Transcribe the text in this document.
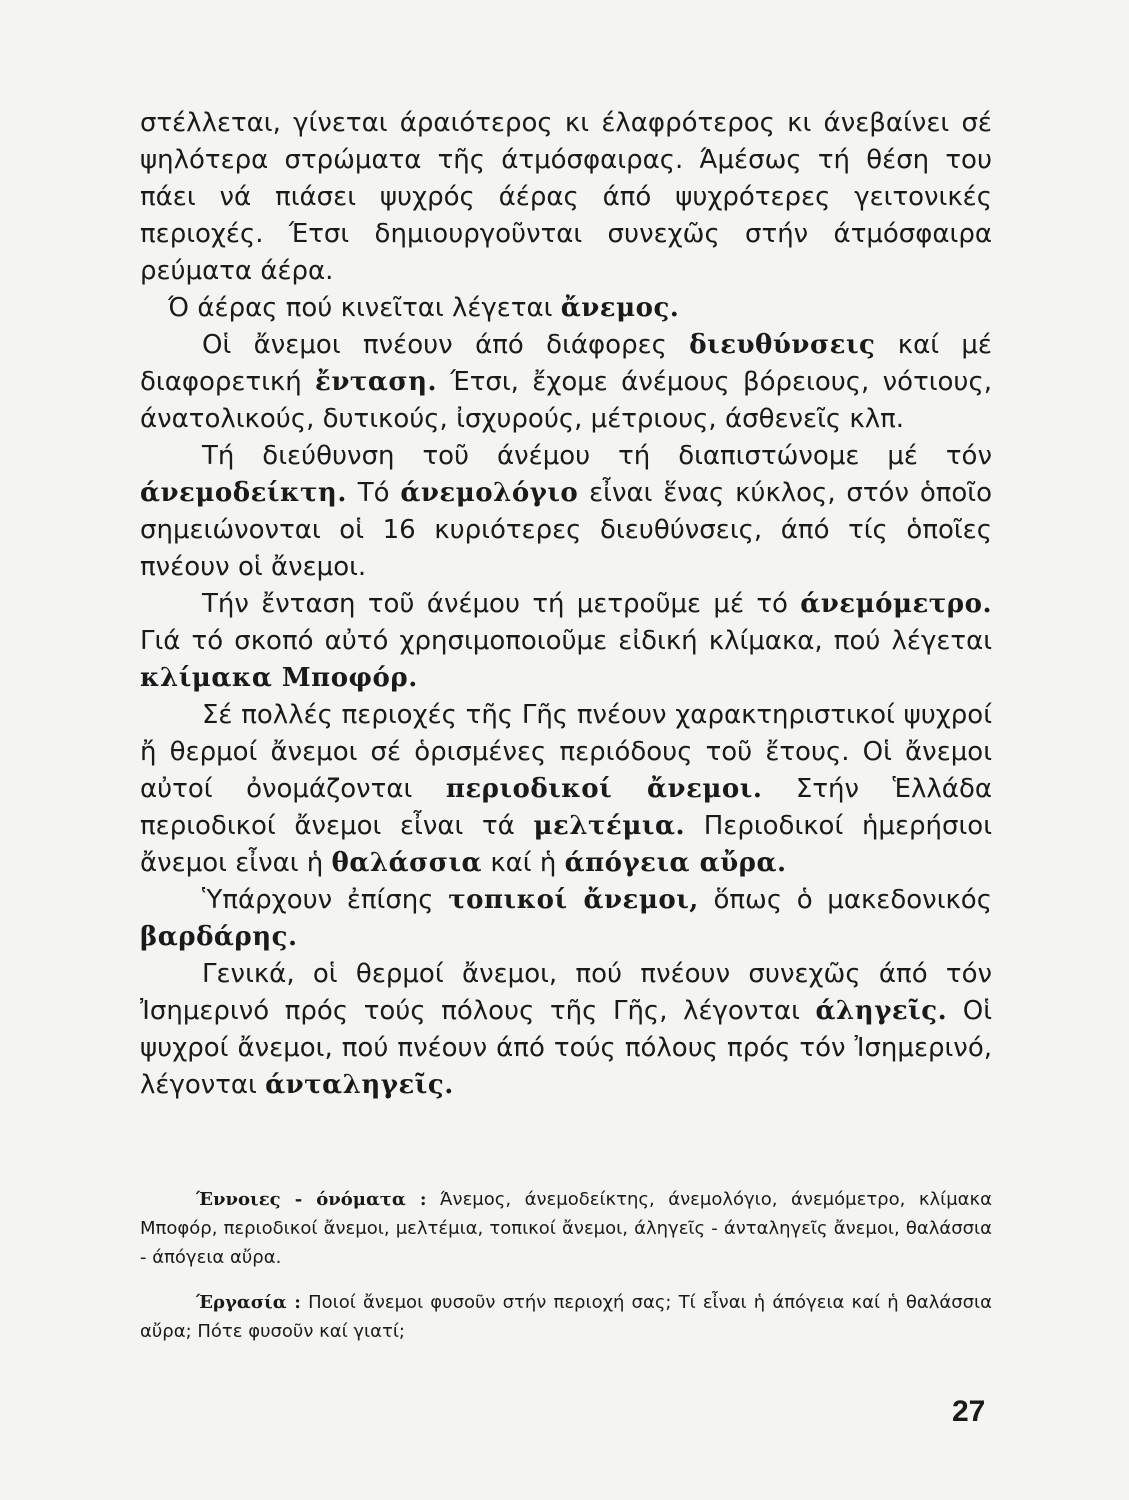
στέλλεται, γίνεται άραιότερος κι έλαφρότερος κι άνεβαίνει σέ ψηλότερα στρώματα τῆς άτμόσφαιρας. Άμέσως τή θέση του πάει νά πιάσει ψυχρός άέρας άπό ψυχρότερες γειτονικές περιοχές. Έτσι δημιουργοῦνται συνεχῶς στήν άτμόσφαιρα ρεύματα άέρα.

Ό άέρας πού κινεῖται λέγεται ἄνεμος.

Οἱ ἄνεμοι πνέουν άπό διάφορες διευθύνσεις καί μέ διαφορετική ἔνταση. Έτσι, ἔχομε άνέμους βόρειους, νότιους, άνατολικούς, δυτικούς, ἰσχυρούς, μέτριους, άσθενεῖς κλπ.

Τή διεύθυνση τοῦ άνέμου τή διαπιστώνομε μέ τόν άνεμοδείκτη. Τό άνεμολόγιο εἶναι ἕνας κύκλος, στόν ὁποῖο σημειώνονται οἱ 16 κυριότερες διευθύνσεις, άπό τίς ὁποῖες πνέουν οἱ ἄνεμοι.

Τήν ἔνταση τοῦ άνέμου τή μετροῦμε μέ τό άνεμόμετρο. Γιά τό σκοπό αὐτό χρησιμοποιοῦμε εἰδική κλίμακα, πού λέγεται κλίμακα Μποφόρ.

Σέ πολλές περιοχές τῆς Γῆς πνέουν χαρακτηριστικοί ψυχροί ἤ θερμοί ἄνεμοι σέ ὁρισμένες περιόδους τοῦ ἔτους. Οἱ ἄνεμοι αὐτοί ὀνομάζονται περιοδικοί ἄνεμοι. Στήν Ἑλλάδα περιοδικοί ἄνεμοι εἶναι τά μελτέμια. Περιοδικοί ἡμερήσιοι ἄνεμοι εἶναι ἡ θαλάσσια καί ἡ άπόγεια αὔρα.

Ὑπάρχουν ἐπίσης τοπικοί ἄνεμοι, ὅπως ὁ μακεδονικός βαρδάρης.

Γενικά, οἱ θερμοί ἄνεμοι, πού πνέουν συνεχῶς άπό τόν Ἰσημερινό πρός τούς πόλους τῆς Γῆς, λέγονται άληγεῖς. Οἱ ψυχροί ἄνεμοι, πού πνέουν άπό τούς πόλους πρός τόν Ἰσημερινό, λέγονται άνταληγεῖς.

Έννοιες - όνόματα : Άνεμος, άνεμοδείκτης, άνεμολόγιο, άνεμόμετρο, κλίμακα Μποφόρ, περιοδικοί ἄνεμοι, μελτέμια, τοπικοί ἄνεμοι, άληγεῖς - άνταληγεῖς ἄνεμοι, θαλάσσια - άπόγεια αὔρα.

Έργασία : Ποιοί ἄνεμοι φυσοῦν στήν περιοχή σας; Τί εἶναι ἡ άπόγεια καί ἡ θαλάσσια αὔρα; Πότε φυσοῦν καί γιατί;

27
